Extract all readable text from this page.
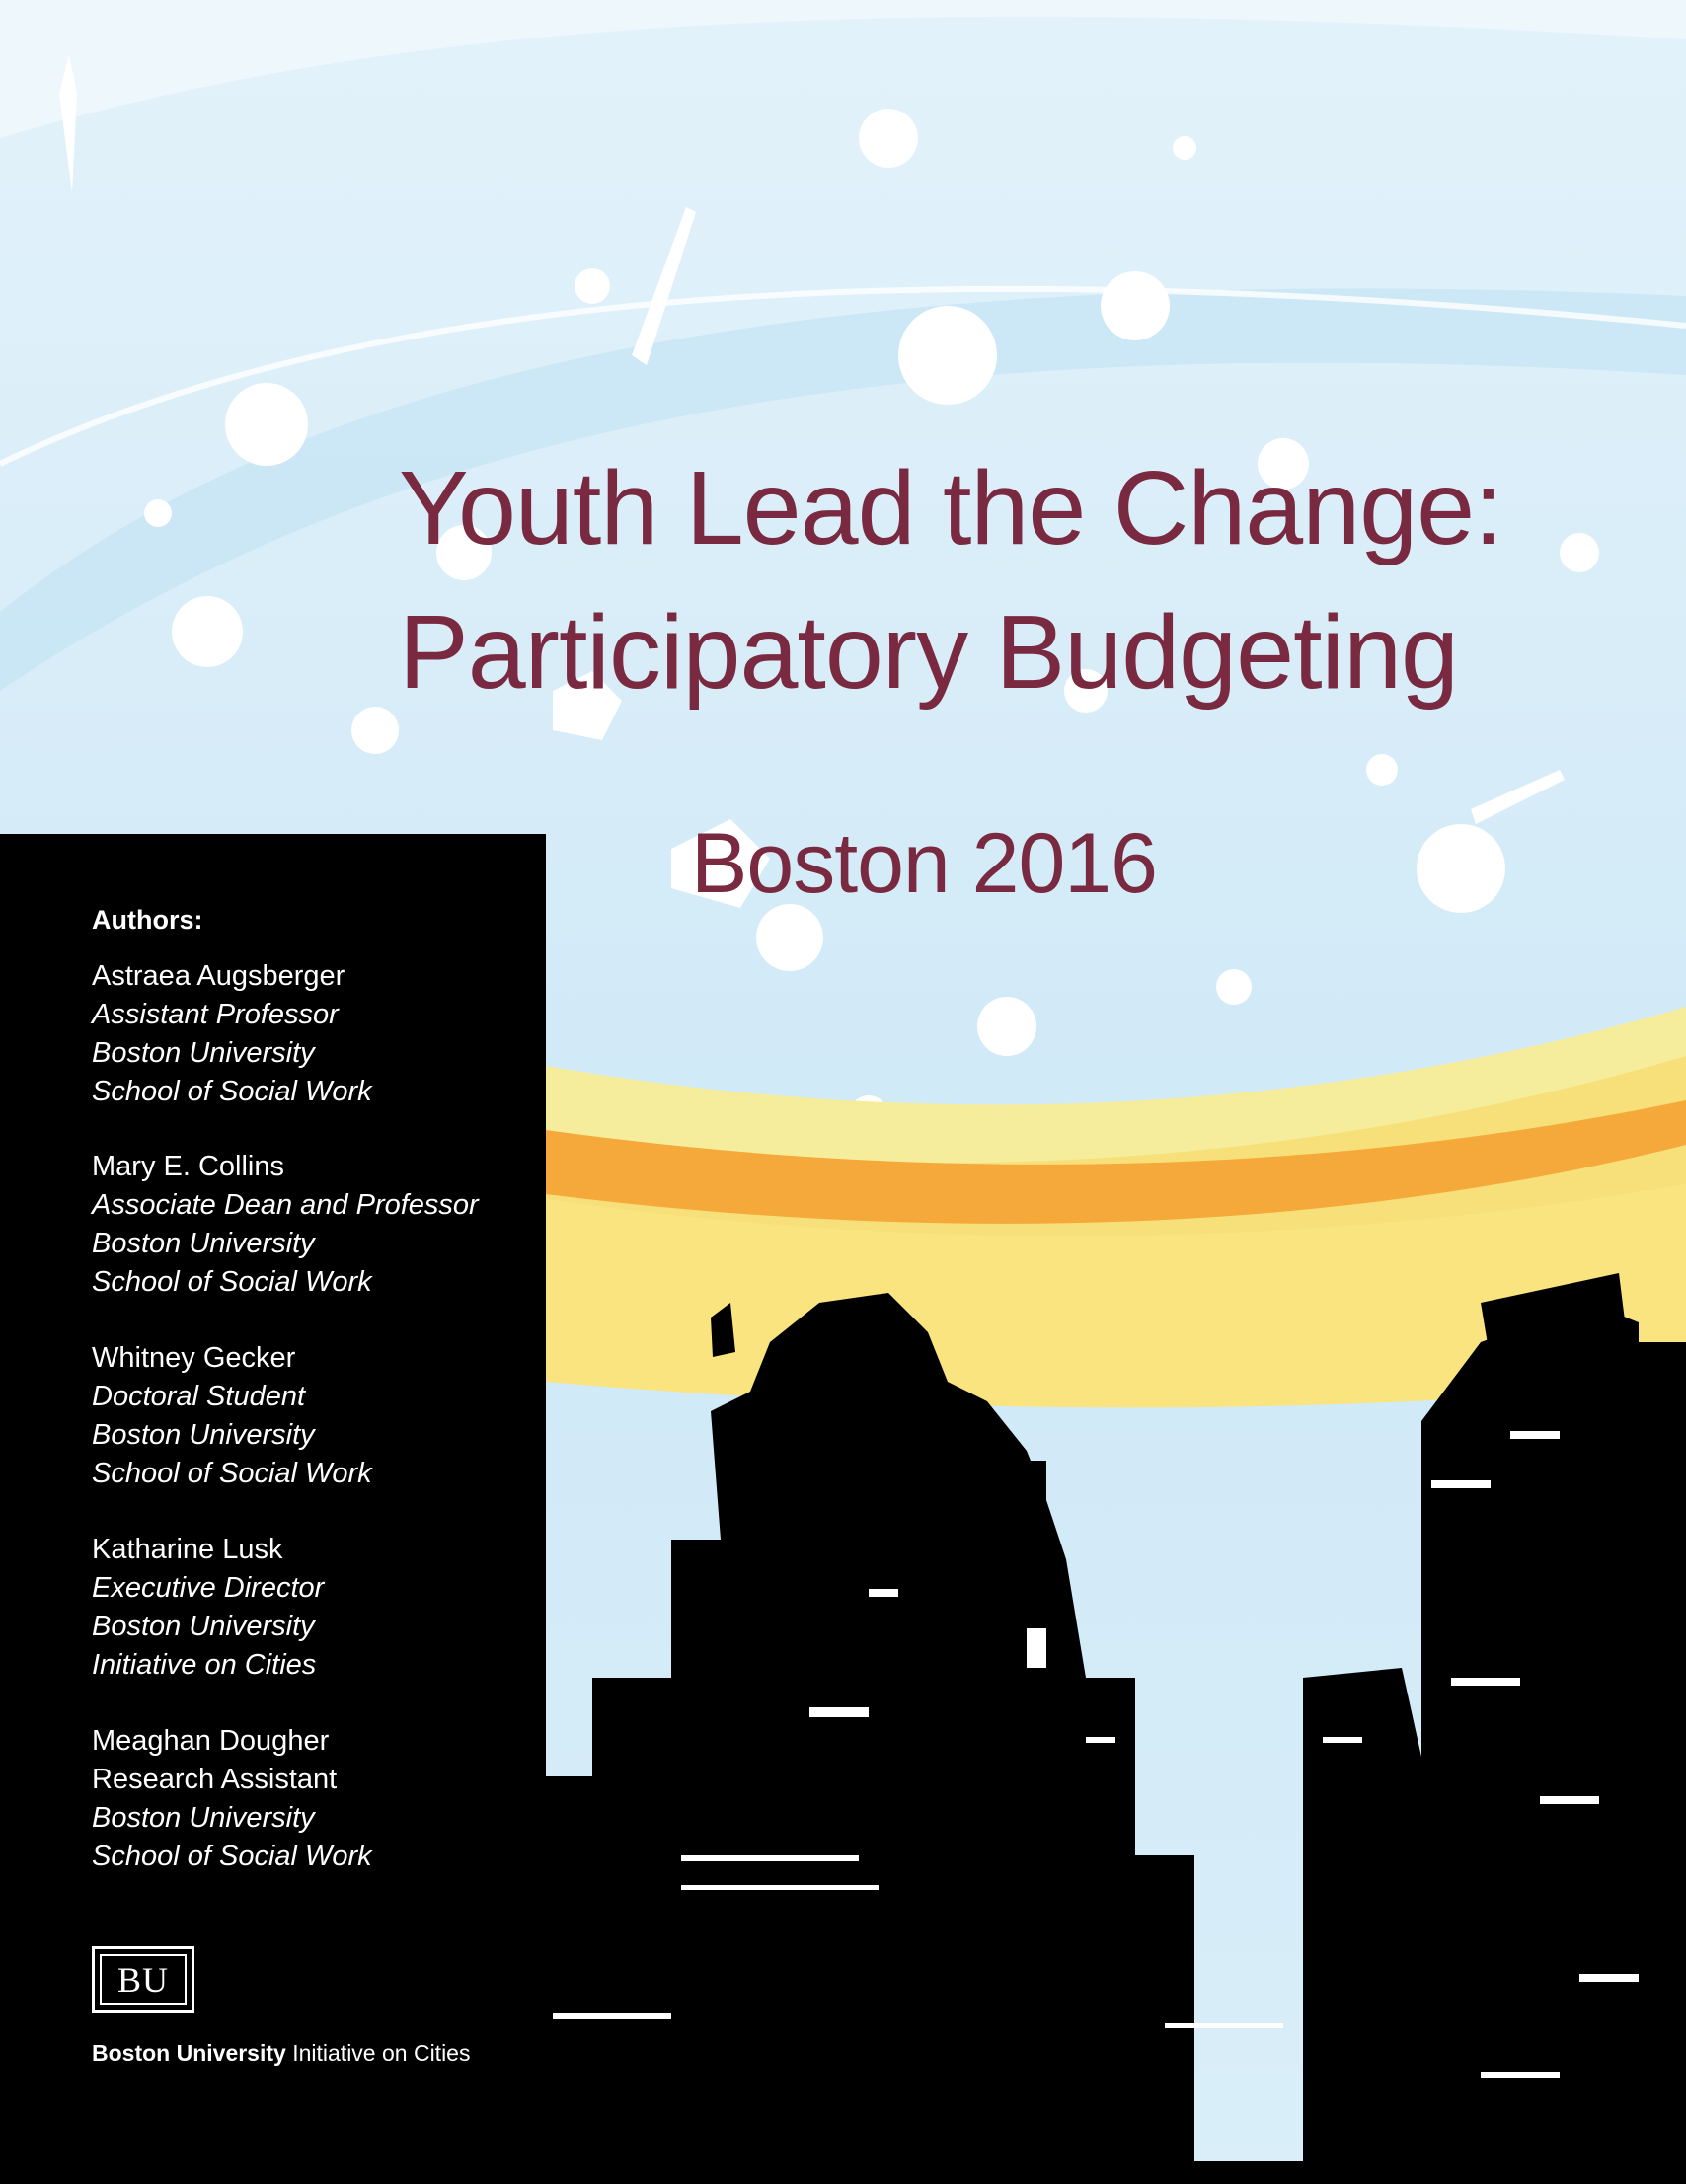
Youth Lead the Change:
Participatory Budgeting
Boston 2016
Authors:
Astraea Augsberger
Assistant Professor
Boston University
School of Social Work
Mary E. Collins
Associate Dean and Professor
Boston University
School of Social Work
Whitney Gecker
Doctoral Student
Boston University
School of Social Work
Katharine Lusk
Executive Director
Boston University
Initiative on Cities
Meaghan Dougher
Research Assistant
Boston University
School of Social Work
BU
Boston University Initiative on Cities
